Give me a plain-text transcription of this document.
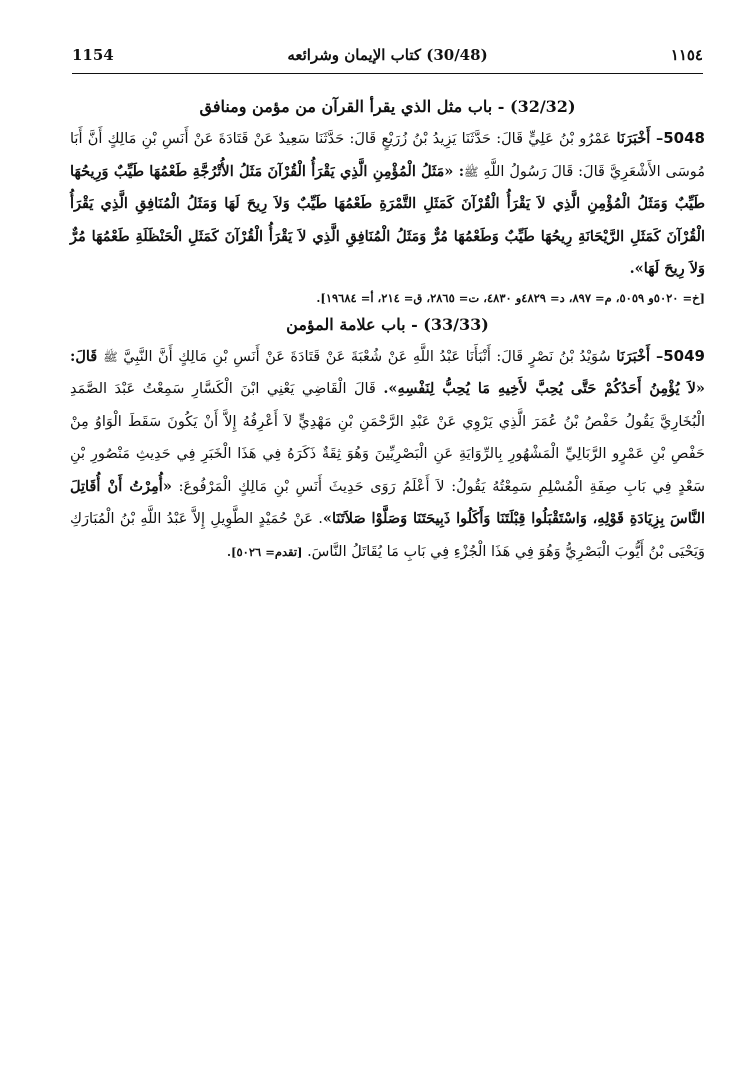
1154	(30/48) كتاب الإيمان وشرائعه	١١٥٤

(32/32) - باب مثل الذي يقرأ القرآن من مؤمن ومنافق

5048– أَخْبَرَنَا عَمْرُو بْنُ عَلِيٍّ قَالَ: حَدَّثَنَا يَزِيدُ بْنُ زُرَيْعٍ قَالَ: حَدَّثَنَا سَعِيدٌ عَنْ قَتَادَةَ عَنْ أَنَسِ بْنِ مَالِكٍ أَنَّ أَبَا مُوسَى الأَشْعَرِيَّ قَالَ: قَالَ رَسُولُ اللَّهِ ﷺ: «مَثَلُ الْمُؤْمِنِ الَّذِي يَقْرَأُ الْقُرْآنَ مَثَلُ الأُتْرُجَّةِ طَعْمُهَا طَيِّبٌ وَرِيحُهَا طَيِّبٌ وَمَثَلُ الْمُؤْمِنِ الَّذِي لاَ يَقْرَأُ الْقُرْآنَ كَمَثَلِ التَّمْرَةِ طَعْمُهَا طَيِّبٌ وَلاَ رِيحَ لَهَا وَمَثَلُ الْمُنَافِقِ الَّذِي يَقْرَأُ الْقُرْآنَ كَمَثَلِ الرَّيْحَانَةِ رِيحُهَا طَيِّبٌ وَطَعْمُهَا مُرٌّ وَمَثَلُ الْمُنَافِقِ الَّذِي لاَ يَقْرَأُ الْقُرْآنَ كَمَثَلِ الْحَنْظَلَةِ طَعْمُهَا مُرٌّ وَلاَ رِيحَ لَهَا».

[خ= ٥٠٢٠و ٥٠٥٩، م= ٨٩٧، د= ٤٨٢٩و ٤٨٣٠، ت= ٢٨٦٥، ق= ٢١٤، أ= ١٩٦٨٤].

(33/33) - باب علامة المؤمن

5049– أَخْبَرَنَا سُوَيْدُ بْنُ نَصْرٍ قَالَ: أَنْبَأَنَا عَبْدُ اللَّهِ عَنْ شُعْبَةَ عَنْ قَتَادَةَ عَنْ أَنَسِ بْنِ مَالِكٍ أَنَّ النَّبِيَّ ﷺ قَالَ: «لاَ يُؤْمِنُ أَحَدُكُمْ حَتَّى يُحِبَّ لأَخِيهِ مَا يُحِبُّ لِنَفْسِهِ». قَالَ الْقَاضِي يَعْنِي ابْنَ الْكَسَّارِ سَمِعْتُ عَبْدَ الصَّمَدِ الْبُخَارِيَّ يَقُولُ حَفْصُ بْنُ عُمَرَ الَّذِي يَرْوِي عَنْ عَبْدِ الرَّحْمَنِ بْنِ مَهْدِيٍّ لاَ أَعْرِفُهُ إِلاَّ أَنْ يَكُونَ سَقَطَ الْوَاوُ مِنْ حَفْصِ بْنِ عَمْرٍو الرَّبَالِيِّ الْمَشْهُورِ بِالرِّوَايَةِ عَنِ الْبَصْرِيِّينَ وَهُوَ ثِقَةٌ ذَكَرَهُ فِي هَذَا الْخَبَرِ فِي حَدِيثِ مَنْصُورِ بْنِ سَعْدٍ فِي بَابِ صِفَةِ الْمُسْلِمِ سَمِعْتُهُ يَقُولُ: لاَ أَعْلَمُ رَوَى حَدِيثَ أَنَسِ بْنِ مَالِكٍ الْمَرْفُوعَ: «أُمِرْتُ أَنْ أُقَاتِلَ النَّاسَ بِزِيَادَةِ قَوْلِهِ، وَاسْتَقْبَلُوا قِبْلَتَنَا وَأَكَلُوا ذَبِيحَتَنَا وَصَلَّوْا صَلاَتَنَا». عَنْ حُمَيْدٍ الطَّوِيلِ إِلاَّ عَبْدُ اللَّهِ بْنُ الْمُبَارَكِ وَيَحْيَى بْنُ أَيُّوبَ الْبَصْرِيُّ وَهُوَ فِي هَذَا الْجُزْءِ فِي بَابِ مَا يُقَاتَلُ النَّاسَ. [تقدم= ٥٠٢٦].
